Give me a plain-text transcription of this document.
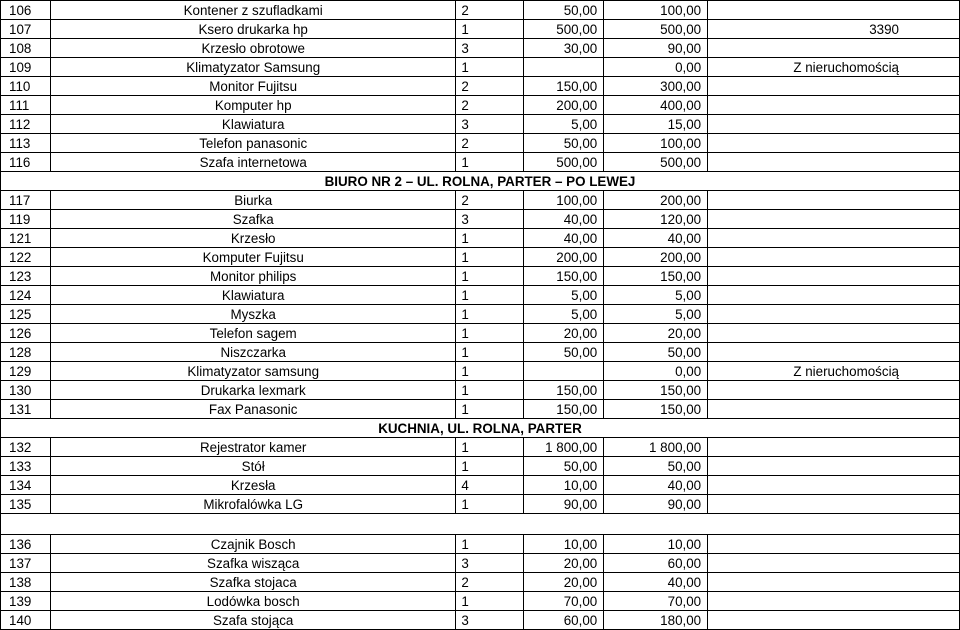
106	Kontener z szufladkami	2	50,00	100,00	
107	Ksero drukarka hp	1	500,00	500,00	3390
108	Krzesło obrotowe	3	30,00	90,00	
109	Klimatyzator Samsung	1		0,00	Z nieruchomością
110	Monitor Fujitsu	2	150,00	300,00	
111	Komputer hp	2	200,00	400,00	
112	Klawiatura	3	5,00	15,00	
113	Telefon panasonic	2	50,00	100,00	
116	Szafa internetowa	1	500,00	500,00	
BIURO NR 2 – UL. ROLNA, PARTER – PO LEWEJ					
117	Biurka	2	100,00	200,00	
119	Szafka	3	40,00	120,00	
121	Krzesło	1	40,00	40,00	
122	Komputer Fujitsu	1	200,00	200,00	
123	Monitor philips	1	150,00	150,00	
124	Klawiatura	1	5,00	5,00	
125	Myszka	1	5,00	5,00	
126	Telefon sagem	1	20,00	20,00	
128	Niszczarka	1	50,00	50,00	
129	Klimatyzator samsung	1		0,00	Z nieruchomością
130	Drukarka lexmark	1	150,00	150,00	
131	Fax Panasonic	1	150,00	150,00	
KUCHNIA, UL. ROLNA, PARTER					
132	Rejestrator kamer	1	1 800,00	1 800,00	
133	Stół	1	50,00	50,00	
134	Krzesła	4	10,00	40,00	
135	Mikrofalówka LG	1	90,00	90,00	

136	Czajnik Bosch	1	10,00	10,00	
137	Szafka wisząca	3	20,00	60,00	
138	Szafka stojaca	2	20,00	40,00	
139	Lodówka bosch	1	70,00	70,00	
140	Szafa stojąca	3	60,00	180,00	
